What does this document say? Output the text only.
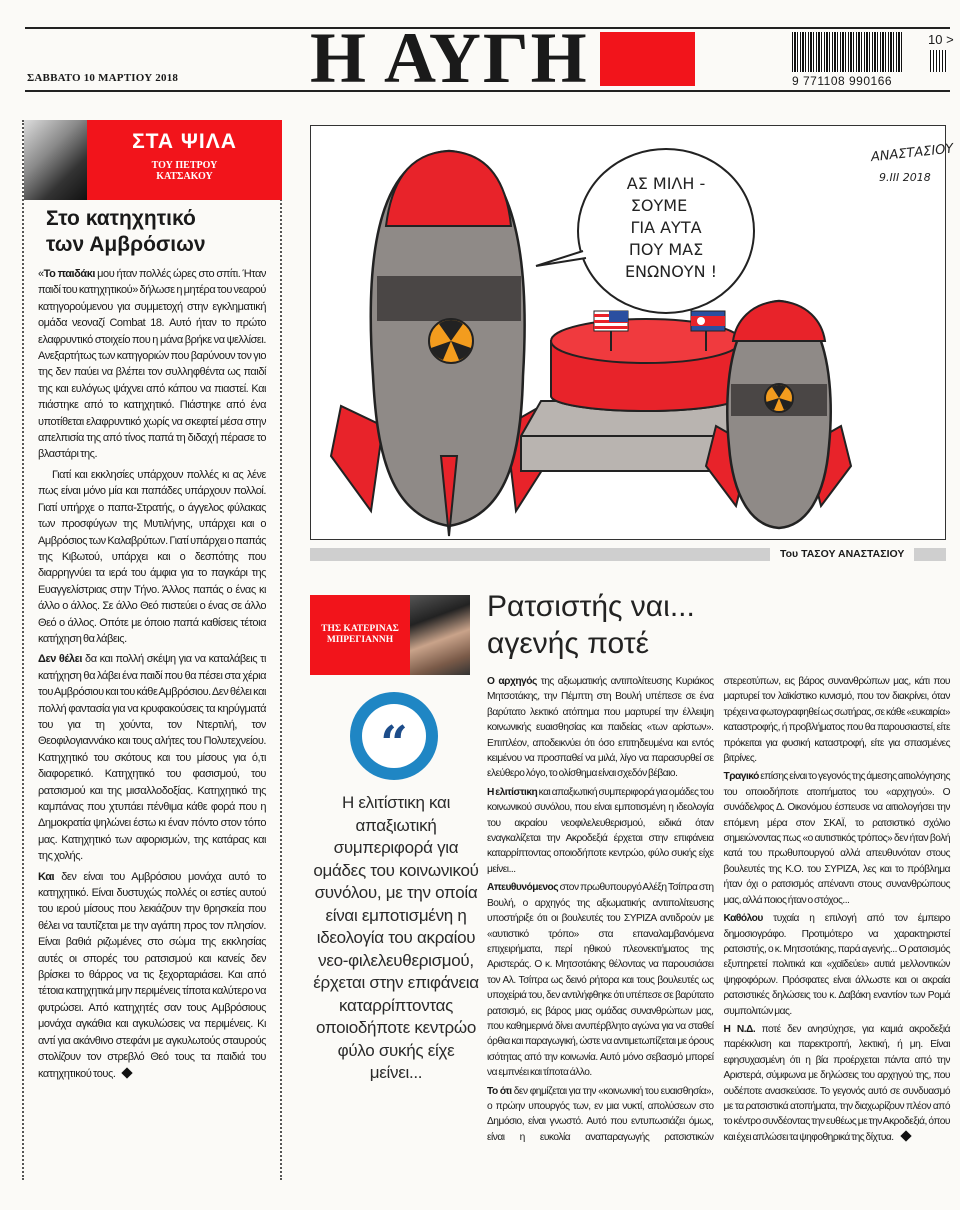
ΣΑΒΒΑΤΟ 10 ΜΑΡΤΙΟΥ 2018 Η ΑΥΓΗ	9 771108 990166
10 >
ΣΤΑ ΨΙΛΑ
ΤΟΥ ΠΕΤΡΟΥ
ΚΑΤΣΑΚΟΥ
Στο κατηχητικό
των Αμβρόσιων

«Το παιδάκι μου ήταν πολλές ώρες στο σπίτι. Ήταν παιδί του κατηχητικού» δήλωσε η μητέρα του νεαρού κατηγορούμενου για συμμετοχή στην εγκληματική ομάδα νεοναζί Combat 18. Αυτό ήταν το πρώτο ελαφρυντικό στοιχείο που η μάνα βρήκε να ψελλίσει. Ανεξαρτήτως των κατηγοριών που βαρύνουν τον γιο της δεν παύει να βλέπει τον συλληφθέντα ως παιδί της και ευλόγως ψάχνει από κάπου να πιαστεί. Και πιάστηκε από το κατηχητικό. Πιάστηκε από ένα υποτίθεται ελαφρυντικό χωρίς να σκεφτεί μέσα στην απελπισία της από τίνος παπά τη διδαχή πέρασε το βλαστάρι της.

Γιατί και εκκλησίες υπάρχουν πολλές κι ας λένε πως είναι μόνο μία και παπάδες υπάρχουν πολλοί. Γιατί υπήρχε ο παπα-Στρατής, ο άγγελος φύλακας των προσφύγων της Μυτιλήνης, υπάρχει και ο Αμβρόσιος των Καλαβρύτων. Γιατί υπάρχει ο παπάς της Κιβωτού, υπάρχει και ο δεσπότης που διαρρηγνύει τα ιερά του άμφια για το παγκάρι της Ευαγγελίστριας στην Τήνο. Άλλος παπάς ο ένας κι άλλο ο άλλος. Σε άλλο Θεό πιστεύει ο ένας σε άλλο Θεό ο άλλος. Οπότε με όποιο παπά καθίσεις τέτοια κατήχηση θα λάβεις.

Δεν θέλει δα και πολλή σκέψη για να καταλάβεις τι κατήχηση θα λάβει ένα παιδί που θα πέσει στα χέρια του Αμβρόσιου και του κάθε Αμβρόσιου. Δεν θέλει και πολλή φαντασία για να κρυφακούσεις τα κηρύγματά του για τη χούντα, τον Ντερτιλή, τον Θεοφιλογιαννάκο και τους αλήτες του Πολυτεχνείου. Κατηχητικό του σκότους και του μίσους για ό,τι διαφορετικό. Κατηχητικό του φασισμού, του ρατσισμού και της μισαλλοδοξίας. Κατηχητικό της καμπάνας που χτυπάει πένθιμα κάθε φορά που η Δημοκρατία ψηλώνει έστω κι έναν πόντο στον τόπο μας. Κατηχητικό των αφορισμών, της κατάρας και της χολής.

Και δεν είναι του Αμβρόσιου μονάχα αυτό το κατηχητικό. Είναι δυστυχώς πολλές οι εστίες αυτού του ιερού μίσους που λεκιάζουν την θρησκεία που θέλει να ταυτίζεται με την αγάπη προς τον πλησίον. Είναι βαθιά ριζωμένες στο σώμα της εκκλησίας αυτές οι σπορές του ρατσισμού και κανείς δεν βρίσκει το θάρρος να τις ξεχορταριάσει. Και από τέτοια κατηχητικά μην περιμένεις τίποτα καλύτερο να φυτρώσει. Από κατηχητές σαν τους Αμβρόσιους μονάχα αγκάθια και αγκυλώσεις να περιμένεις. Κι αντί για ακάνθινο στεφάνι με αγκυλωτούς σταυρούς στολίζουν τον στρεβλό Θεό τους τα παιδιά του κατηχητικού τους.

ΑΣ ΜΙΛΗ -
ΣΟΥΜΕ
ΓΙΑ ΑΥΤΑ
ΠΟΥ ΜΑΣ
ΕΝΩΝΟΥΝ !
ΑΝΑΣΤΑΣΙΟΥ
9.III 2018
Του ΤΑΣΟΥ ΑΝΑΣΤΑΣΙΟΥ
ΤΗΣ ΚΑΤΕΡΙΝΑΣ
ΜΠΡΕΓΙΑΝΝΗ
Ρατσιστής ναι...
αγενής ποτέ
“
Η ελιτίστικη και απαξιωτική συμπεριφορά για ομάδες του κοινωνικού συνόλου, με την οποία είναι εμποτισμένη η ιδεολογία του ακραίου νεο-φιλελευθερισμού, έρχεται στην επιφάνεια καταρρίπτοντας οποιοδήποτε κεντρώο φύλο συκής είχε μείνει...

Ο αρχηγός της αξιωματικής αντιπολίτευσης Κυριάκος Μητσοτάκης, την Πέμπτη στη Βουλή υπέπεσε σε ένα βαρύτατο λεκτικό ατόπημα που μαρτυρεί την έλλειψη κοινωνικής ευαισθησίας και παιδείας «των αρίστων». Επιπλέον, αποδεικνύει ότι όσο επιτηδευμένα και εντός κειμένου να προσπαθεί να μιλά, λίγο να παρασυρθεί σε ελεύθερο λόγο, το ολίσθημα είναι σχεδόν βέβαιο.

Η ελιτίστικη και απαξιωτική συμπεριφορά για ομάδες του κοινωνικού συνόλου, που είναι εμποτισμένη η ιδεολογία του ακραίου νεοφιλελευθερισμού, ειδικά όταν εναγκαλίζεται την Ακροδεξιά έρχεται στην επιφάνεια καταρρίπτοντας οποιοδήποτε κεντρώο, φύλο συκής είχε μείνει...

Απευθυνόμενος στον πρωθυπουργό Αλέξη Τσίπρα στη Βουλή, ο αρχηγός της αξιωματικής αντιπολίτευσης υποστήριξε ότι οι βουλευτές του ΣΥΡΙΖΑ αντιδρούν με «αυτιστικό τρόπο» στα επαναλαμβανόμενα επιχειρήματα, περί ηθικού πλεονεκτήματος της Αριστεράς. Ο κ. Μητσοτάκης θέλοντας να παρουσιάσει τον Αλ. Τσίπρα ως δεινό ρήτορα και τους βουλευτές ως υποχείριά του, δεν αντιλήφθηκε ότι υπέπεσε σε βαρύτατο ρατσισμό, εις βάρος μιας ομάδας συνανθρώπων μας, που καθημερινά δίνει ανυπέρβλητο αγώνα για να σταθεί όρθια και παραγωγική, ώστε να αντιμετωπίζεται με όρους ισότητας από την κοινωνία. Αυτό μόνο σεβασμό μπορεί να εμπνέει και τίποτα άλλο.

Το ότι δεν φημίζεται για την «κοινωνική του ευαισθησία», ο πρώην υπουργός των, εν μια νυκτί, απολύσεων στο Δημόσιο, είναι γνωστό. Αυτό που εντυπωσιάζει όμως, είναι η ευκολία αναπαραγωγής ρατσιστικών στερεοτύπων, εις βάρος συνανθρώπων μας, κάτι που μαρτυρεί τον λαϊκίστικο κυνισμό, που τον διακρίνει, όταν τρέχει να φωτογραφηθεί ως σωτήρας, σε κάθε «ευκαιρία» καταστροφής, ή προβλήματος που θα παρουσιαστεί, είτε πρόκειται για φυσική καταστροφή, είτε για σπασμένες βιτρίνες.

Τραγικό επίσης είναι το γεγονός της άμεσης αιτιολόγησης του οποιοδήποτε ατοπήματος του «αρχηγού». Ο συνάδελφος Δ. Οικονόμου έσπευσε να αιτιολογήσει την επόμενη μέρα στον ΣΚΑΪ, το ρατσιστικό σχόλιο σημειώνοντας πως «ο αυτιστικός τρόπος» δεν ήταν βολή κατά του πρωθυπουργού αλλά απευθυνόταν στους βουλευτές της Κ.Ο. του ΣΥΡΙΖΑ, λες και το πρόβλημα ήταν όχι ο ρατσισμός απέναντι στους συνανθρώπους μας, αλλά ποιος ήταν ο στόχος...

Καθόλου τυχαία η επιλογή από τον έμπειρο δημοσιογράφο. Προτιμότερο να χαρακτηριστεί ρατσιστής, ο κ. Μητσοτάκης, παρά αγενής... Ο ρατσισμός εξυπηρετεί πολιτικά και «χαϊδεύει» αυτιά μελλοντικών ψηφοφόρων. Πρόσφατες είναι άλλωστε και οι ακραία ρατσιστικές δηλώσεις του κ. Δαβάκη εναντίον των Ρομά συμπολιτών μας.

Η Ν.Δ. ποτέ δεν ανησύχησε, για καμιά ακροδεξιά παρέκκλιση και παρεκτροπή, λεκτική, ή μη. Είναι εφησυχασμένη ότι η βία προέρχεται πάντα από την Αριστερά, σύμφωνα με δηλώσεις του αρχηγού της, που ουδέποτε ανασκεύασε. Το γεγονός αυτό σε συνδυασμό με τα ρατσιστικά ατοπήματα, την διαχωρίζουν πλέον από το κέντρο συνδέοντας την ευθέως με την Ακροδεξιά, όπου και έχει απλώσει τα ψηφοθηρικά της δίχτυα.
